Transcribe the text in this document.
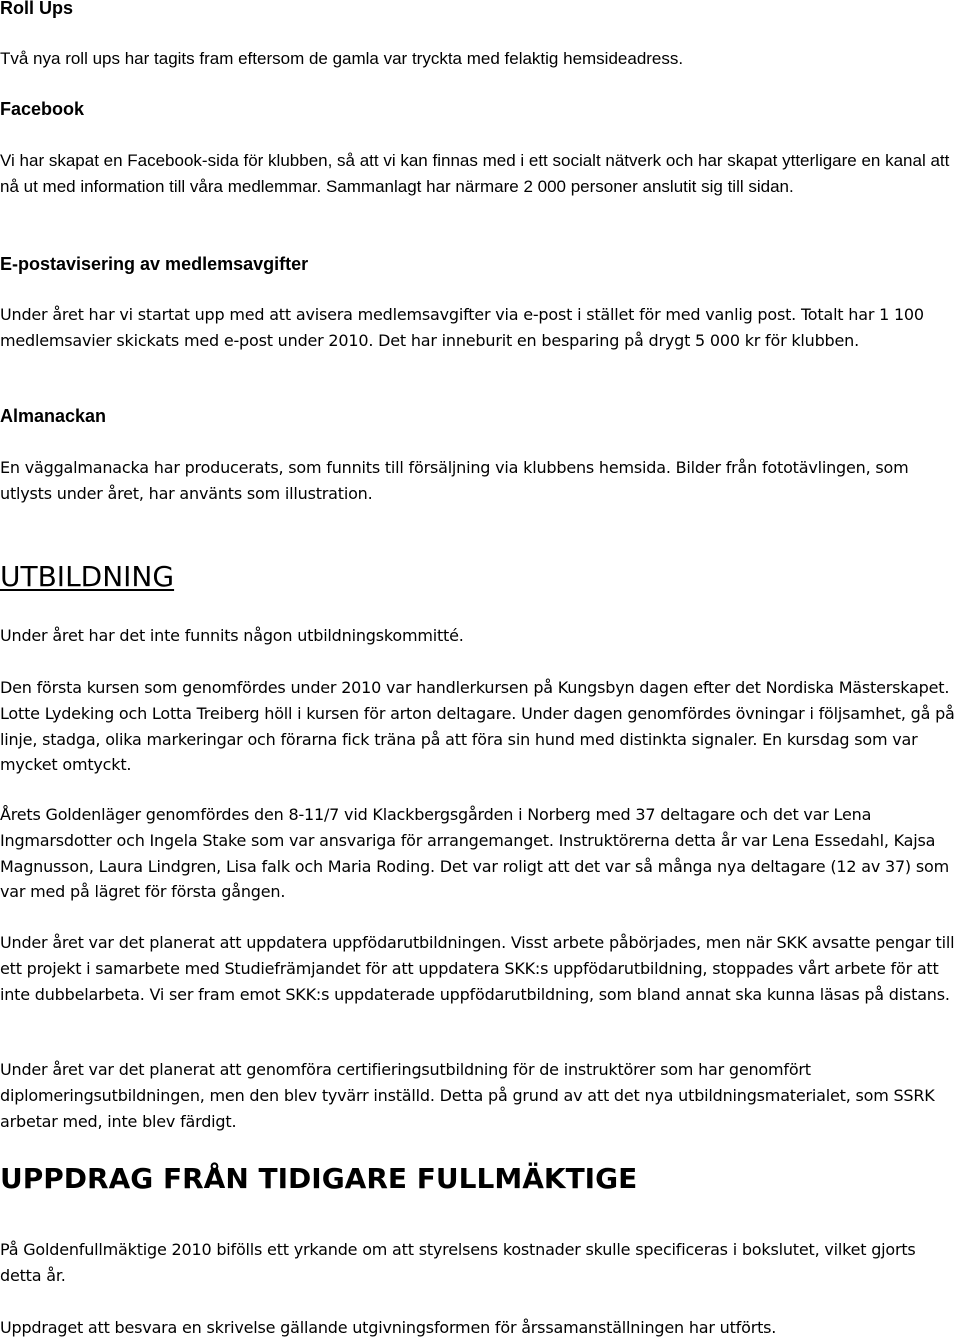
Roll Ups

Två nya roll ups har tagits fram eftersom de gamla var tryckta med felaktig hemsideadress.

Facebook

Vi har skapat en Facebook-sida för klubben, så att vi kan finnas med i ett socialt nätverk och har skapat ytterligare en kanal att nå ut med information till våra medlemmar. Sammanlagt har närmare 2 000 personer anslutit sig till sidan.

E-postavisering av medlemsavgifter

Under året har vi startat upp med att avisera medlemsavgifter via e-post i stället för med vanlig post. Totalt har 1 100 medlemsavier skickats med e-post under 2010. Det har inneburit en besparing på drygt 5 000 kr för klubben.

Almanackan

En väggalmanacka har producerats, som funnits till försäljning via klubbens hemsida. Bilder från fototävlingen, som utlysts under året, har använts som illustration.

UTBILDNING

Under året har det inte funnits någon utbildningskommitté.

Den första kursen som genomfördes under 2010 var handlerkursen på Kungsbyn dagen efter det Nordiska Mästerskapet. Lotte Lydeking och Lotta Treiberg höll i kursen för arton deltagare. Under dagen genomfördes övningar i följsamhet, gå på linje, stadga, olika markeringar och förarna fick träna på att föra sin hund med distinkta signaler. En kursdag som var mycket omtyckt.

Årets Goldenläger genomfördes den 8-11/7 vid Klackbergsgården i Norberg med 37 deltagare och det var Lena Ingmarsdotter och Ingela Stake som var ansvariga för arrangemanget. Instruktörerna detta år var Lena Essedahl, Kajsa Magnusson, Laura Lindgren, Lisa falk och Maria Roding. Det var roligt att det var så många nya deltagare (12 av 37) som var med på lägret för första gången.

Under året var det planerat att uppdatera uppfödarutbildningen. Visst arbete påbörjades, men när SKK avsatte pengar till ett projekt i samarbete med Studiefrämjandet för att uppdatera SKK:s uppfödarutbildning, stoppades vårt arbete för att inte dubbelarbeta. Vi ser fram emot SKK:s uppdaterade uppfödarutbildning, som bland annat ska kunna läsas på distans.

Under året var det planerat att genomföra certifieringsutbildning för de instruktörer som har genomfört diplomeringsutbildningen, men den blev tyvärr inställd. Detta på grund av att det nya utbildningsmaterialet, som SSRK arbetar med, inte blev färdigt.

UPPDRAG FRÅN TIDIGARE FULLMÄKTIGE

På Goldenfullmäktige 2010 bifölls ett yrkande om att styrelsens kostnader skulle specificeras i bokslutet, vilket gjorts detta år.

Uppdraget att besvara en skrivelse gällande utgivningsformen för årssamanställningen har utförts.
